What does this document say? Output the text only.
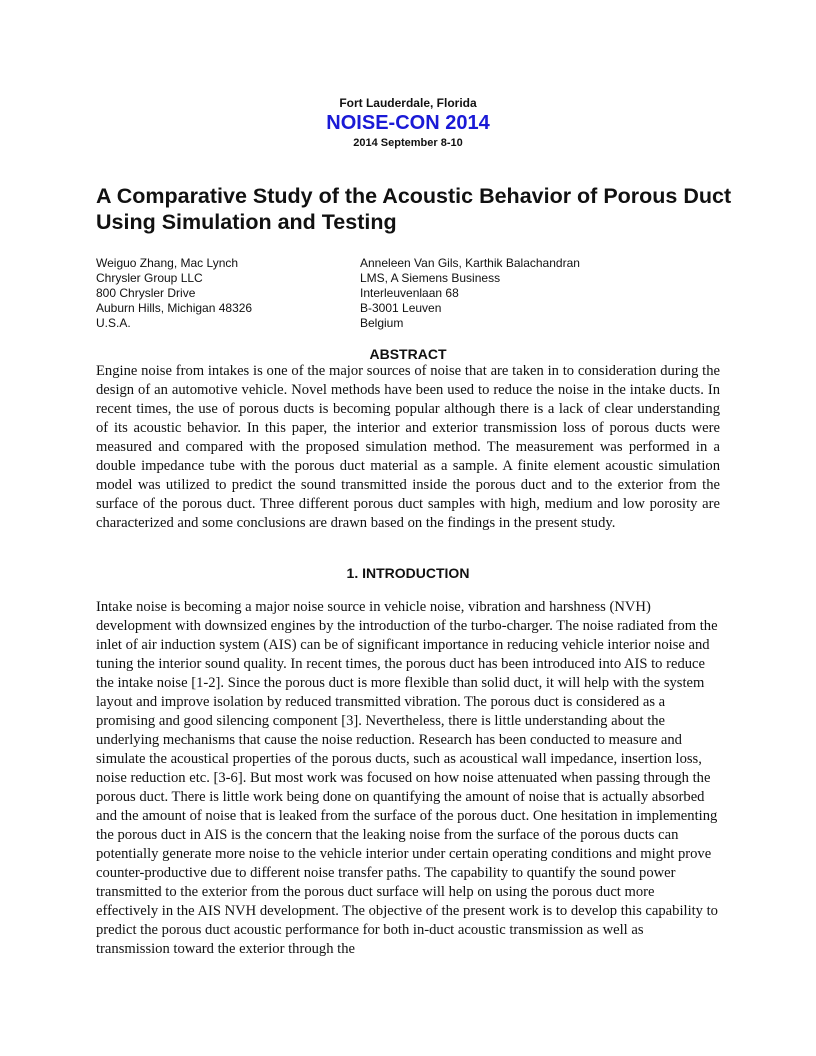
Fort Lauderdale, Florida
NOISE-CON 2014
2014 September 8-10
A Comparative Study of the Acoustic Behavior of Porous Duct Using Simulation and Testing
Weiguo Zhang, Mac Lynch
Chrysler Group LLC
800 Chrysler Drive
Auburn Hills, Michigan 48326
U.S.A.
Anneleen Van Gils, Karthik Balachandran
LMS, A Siemens Business
Interleuvenlaan 68
B-3001 Leuven
Belgium
ABSTRACT

Engine noise from intakes is one of the major sources of noise that are taken in to consideration during the design of an automotive vehicle. Novel methods have been used to reduce the noise in the intake ducts. In recent times, the use of porous ducts is becoming popular although there is a lack of clear understanding of its acoustic behavior. In this paper, the interior and exterior transmission loss of porous ducts were measured and compared with the proposed simulation method. The measurement was performed in a double impedance tube with the porous duct material as a sample. A finite element acoustic simulation model was utilized to predict the sound transmitted inside the porous duct and to the exterior from the surface of the porous duct. Three different porous duct samples with high, medium and low porosity are characterized and some conclusions are drawn based on the findings in the present study.

1. INTRODUCTION

Intake noise is becoming a major noise source in vehicle noise, vibration and harshness (NVH) development with downsized engines by the introduction of the turbo-charger. The noise radiated from the inlet of air induction system (AIS) can be of significant importance in reducing vehicle interior noise and tuning the interior sound quality. In recent times, the porous duct has been introduced into AIS to reduce the intake noise [1-2]. Since the porous duct is more flexible than solid duct, it will help with the system layout and improve isolation by reduced transmitted vibration. The porous duct is considered as a promising and good silencing component [3]. Nevertheless, there is little understanding about the underlying mechanisms that cause the noise reduction. Research has been conducted to measure and simulate the acoustical properties of the porous ducts, such as acoustical wall impedance, insertion loss, noise reduction etc. [3-6]. But most work was focused on how noise attenuated when passing through the porous duct. There is little work being done on quantifying the amount of noise that is actually absorbed and the amount of noise that is leaked from the surface of the porous duct. One hesitation in implementing the porous duct in AIS is the concern that the leaking noise from the surface of the porous ducts can potentially generate more noise to the vehicle interior under certain operating conditions and might prove counter-productive due to different noise transfer paths. The capability to quantify the sound power transmitted to the exterior from the porous duct surface will help on using the porous duct more effectively in the AIS NVH development. The objective of the present work is to develop this capability to predict the porous duct acoustic performance for both in-duct acoustic transmission as well as transmission toward the exterior through the
